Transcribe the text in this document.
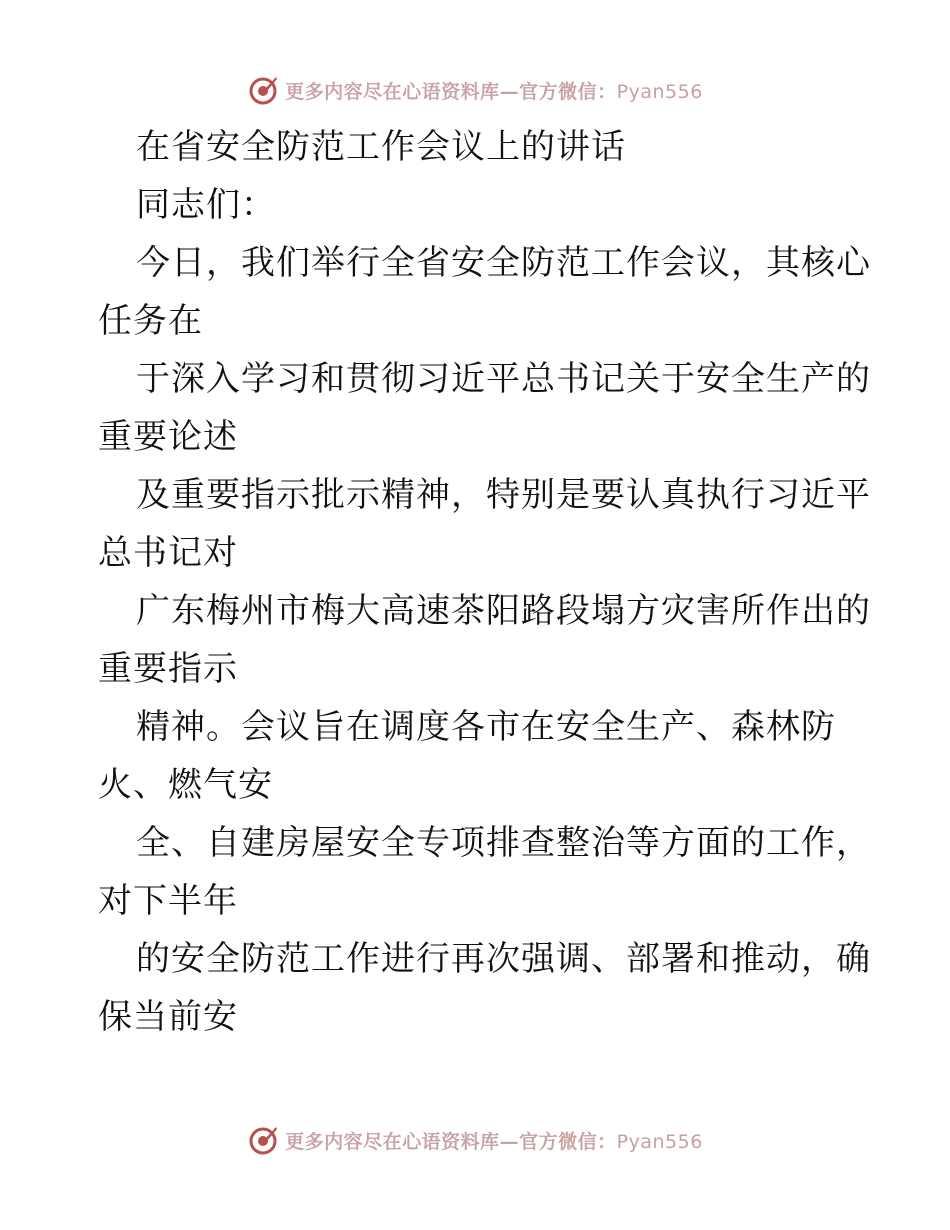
更多内容尽在心语资料库—官方微信：Pyan556
在省安全防范工作会议上的讲话
同志们：
今日，我们举行全省安全防范工作会议，其核心
任务在
于深入学习和贯彻习近平总书记关于安全生产的
重要论述
及重要指示批示精神，特别是要认真执行习近平
总书记对
广东梅州市梅大高速茶阳路段塌方灾害所作出的
重要指示
精神。会议旨在调度各市在安全生产、森林防
火、燃气安
全、自建房屋安全专项排查整治等方面的工作，
对下半年
的安全防范工作进行再次强调、部署和推动，确
保当前安
更多内容尽在心语资料库—官方微信：Pyan556
